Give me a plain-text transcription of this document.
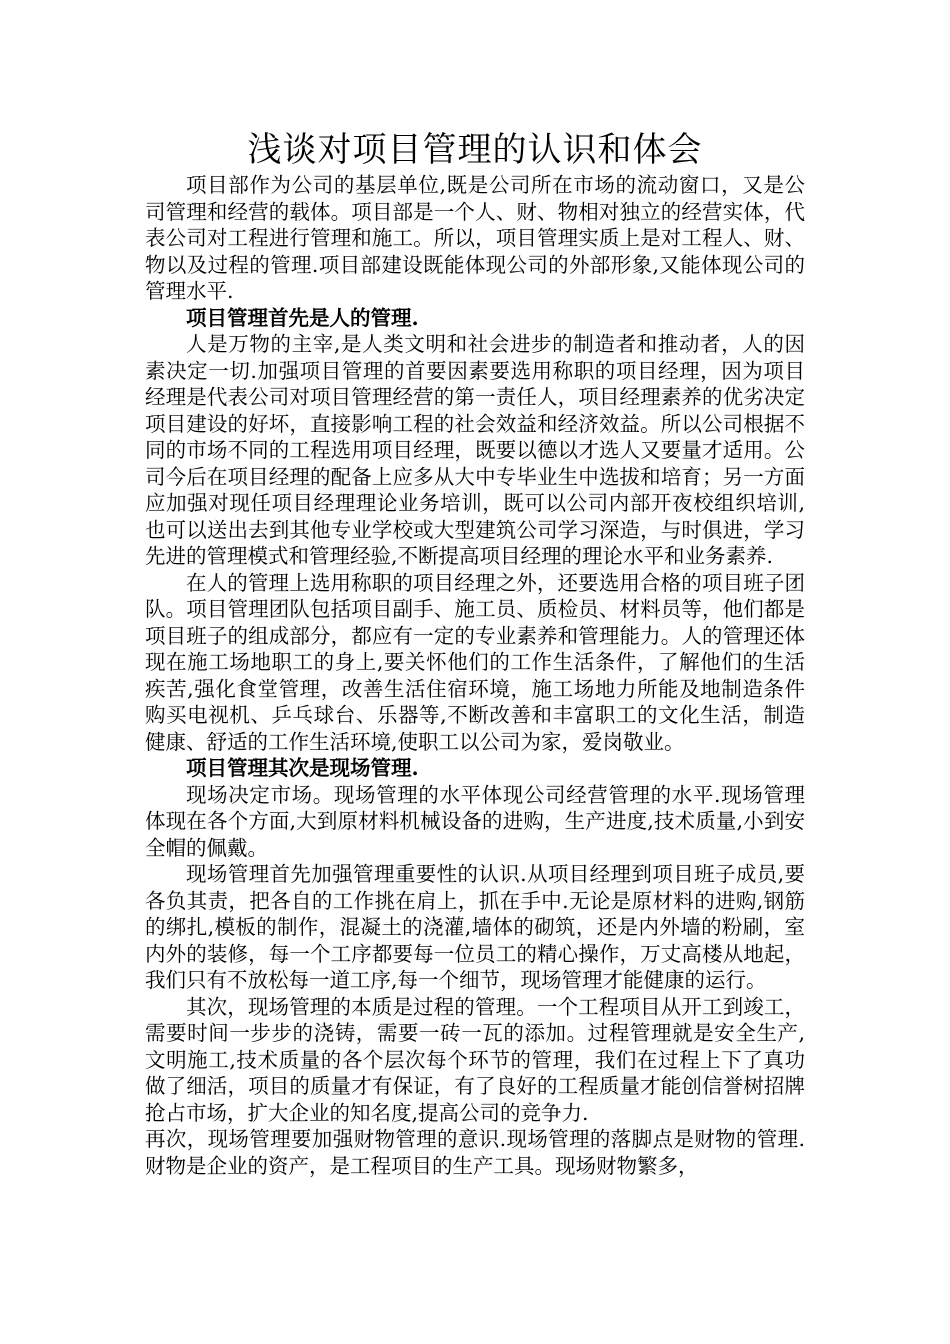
浅谈对项目管理的认识和体会

项目部作为公司的基层单位,既是公司所在市场的流动窗口，又是公司管理和经营的载体。项目部是一个人、财、物相对独立的经营实体，代表公司对工程进行管理和施工。所以，项目管理实质上是对工程人、财、物以及过程的管理.项目部建设既能体现公司的外部形象,又能体现公司的管理水平.

项目管理首先是人的管理.

人是万物的主宰,是人类文明和社会进步的制造者和推动者，人的因素决定一切.加强项目管理的首要因素要选用称职的项目经理，因为项目经理是代表公司对项目管理经营的第一责任人，项目经理素养的优劣决定项目建设的好坏，直接影响工程的社会效益和经济效益。所以公司根据不同的市场不同的工程选用项目经理，既要以德以才选人又要量才适用。公司今后在项目经理的配备上应多从大中专毕业生中选拔和培育；另一方面应加强对现任项目经理理论业务培训，既可以公司内部开夜校组织培训,也可以送出去到其他专业学校或大型建筑公司学习深造，与时俱进，学习先进的管理模式和管理经验,不断提高项目经理的理论水平和业务素养.

在人的管理上选用称职的项目经理之外，还要选用合格的项目班子团队。项目管理团队包括项目副手、施工员、质检员、材料员等，他们都是项目班子的组成部分，都应有一定的专业素养和管理能力。人的管理还体现在施工场地职工的身上,要关怀他们的工作生活条件，了解他们的生活疾苦,强化食堂管理，改善生活住宿环境，施工场地力所能及地制造条件购买电视机、乒乓球台、乐器等,不断改善和丰富职工的文化生活，制造健康、舒适的工作生活环境,使职工以公司为家，爱岗敬业。

项目管理其次是现场管理.

现场决定市场。现场管理的水平体现公司经营管理的水平.现场管理体现在各个方面,大到原材料机械设备的进购，生产进度,技术质量,小到安全帽的佩戴。

现场管理首先加强管理重要性的认识.从项目经理到项目班子成员,要各负其责，把各自的工作挑在肩上，抓在手中.无论是原材料的进购,钢筋的绑扎,模板的制作，混凝土的浇灌,墙体的砌筑，还是内外墙的粉刷，室内外的装修，每一个工序都要每一位员工的精心操作，万丈高楼从地起，我们只有不放松每一道工序,每一个细节，现场管理才能健康的运行。

其次，现场管理的本质是过程的管理。一个工程项目从开工到竣工，需要时间一步步的浇铸，需要一砖一瓦的添加。过程管理就是安全生产,文明施工,技术质量的各个层次每个环节的管理，我们在过程上下了真功做了细活，项目的质量才有保证，有了良好的工程质量才能创信誉树招牌抢占市场，扩大企业的知名度,提高公司的竞争力.

再次，现场管理要加强财物管理的意识.现场管理的落脚点是财物的管理.财物是企业的资产，是工程项目的生产工具。现场财物繁多，
